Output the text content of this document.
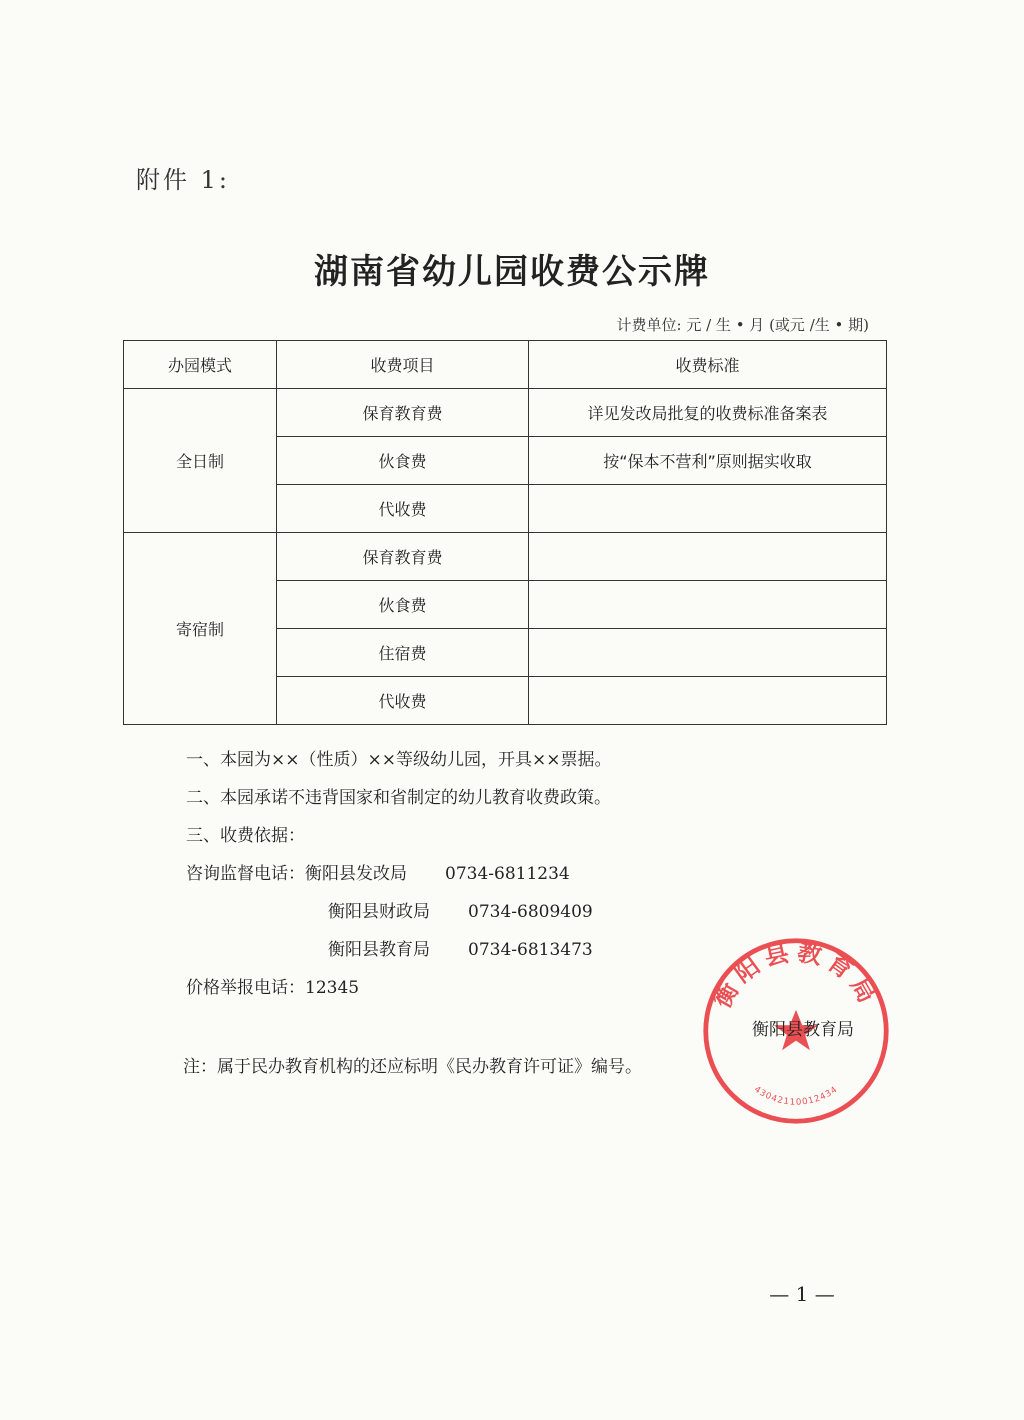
附件 1:
湖南省幼儿园收费公示牌
计费单位: 元 / 生 • 月 (或元 /生 • 期)
办园模式	收费项目	收费标准
全日制	保育教育费	详见发改局批复的收费标准备案表
	伙食费	按“保本不营利”原则据实收取
	代收费	
寄宿制	保育教育费	
	伙食费	
	住宿费	
	代收费	
一、本园为××（性质）××等级幼儿园，开具××票据。
二、本园承诺不违背国家和省制定的幼儿教育收费政策。
三、收费依据：
咨询监督电话：衡阳县发改局 0734-6811234
衡阳县财政局 0734-6809409
衡阳县教育局 0734-6813473
价格举报电话：12345	衡阳县教育局
43042110012434
衡阳县教育局
注：属于民办教育机构的还应标明《民办教育许可证》编号。
— 1 —
